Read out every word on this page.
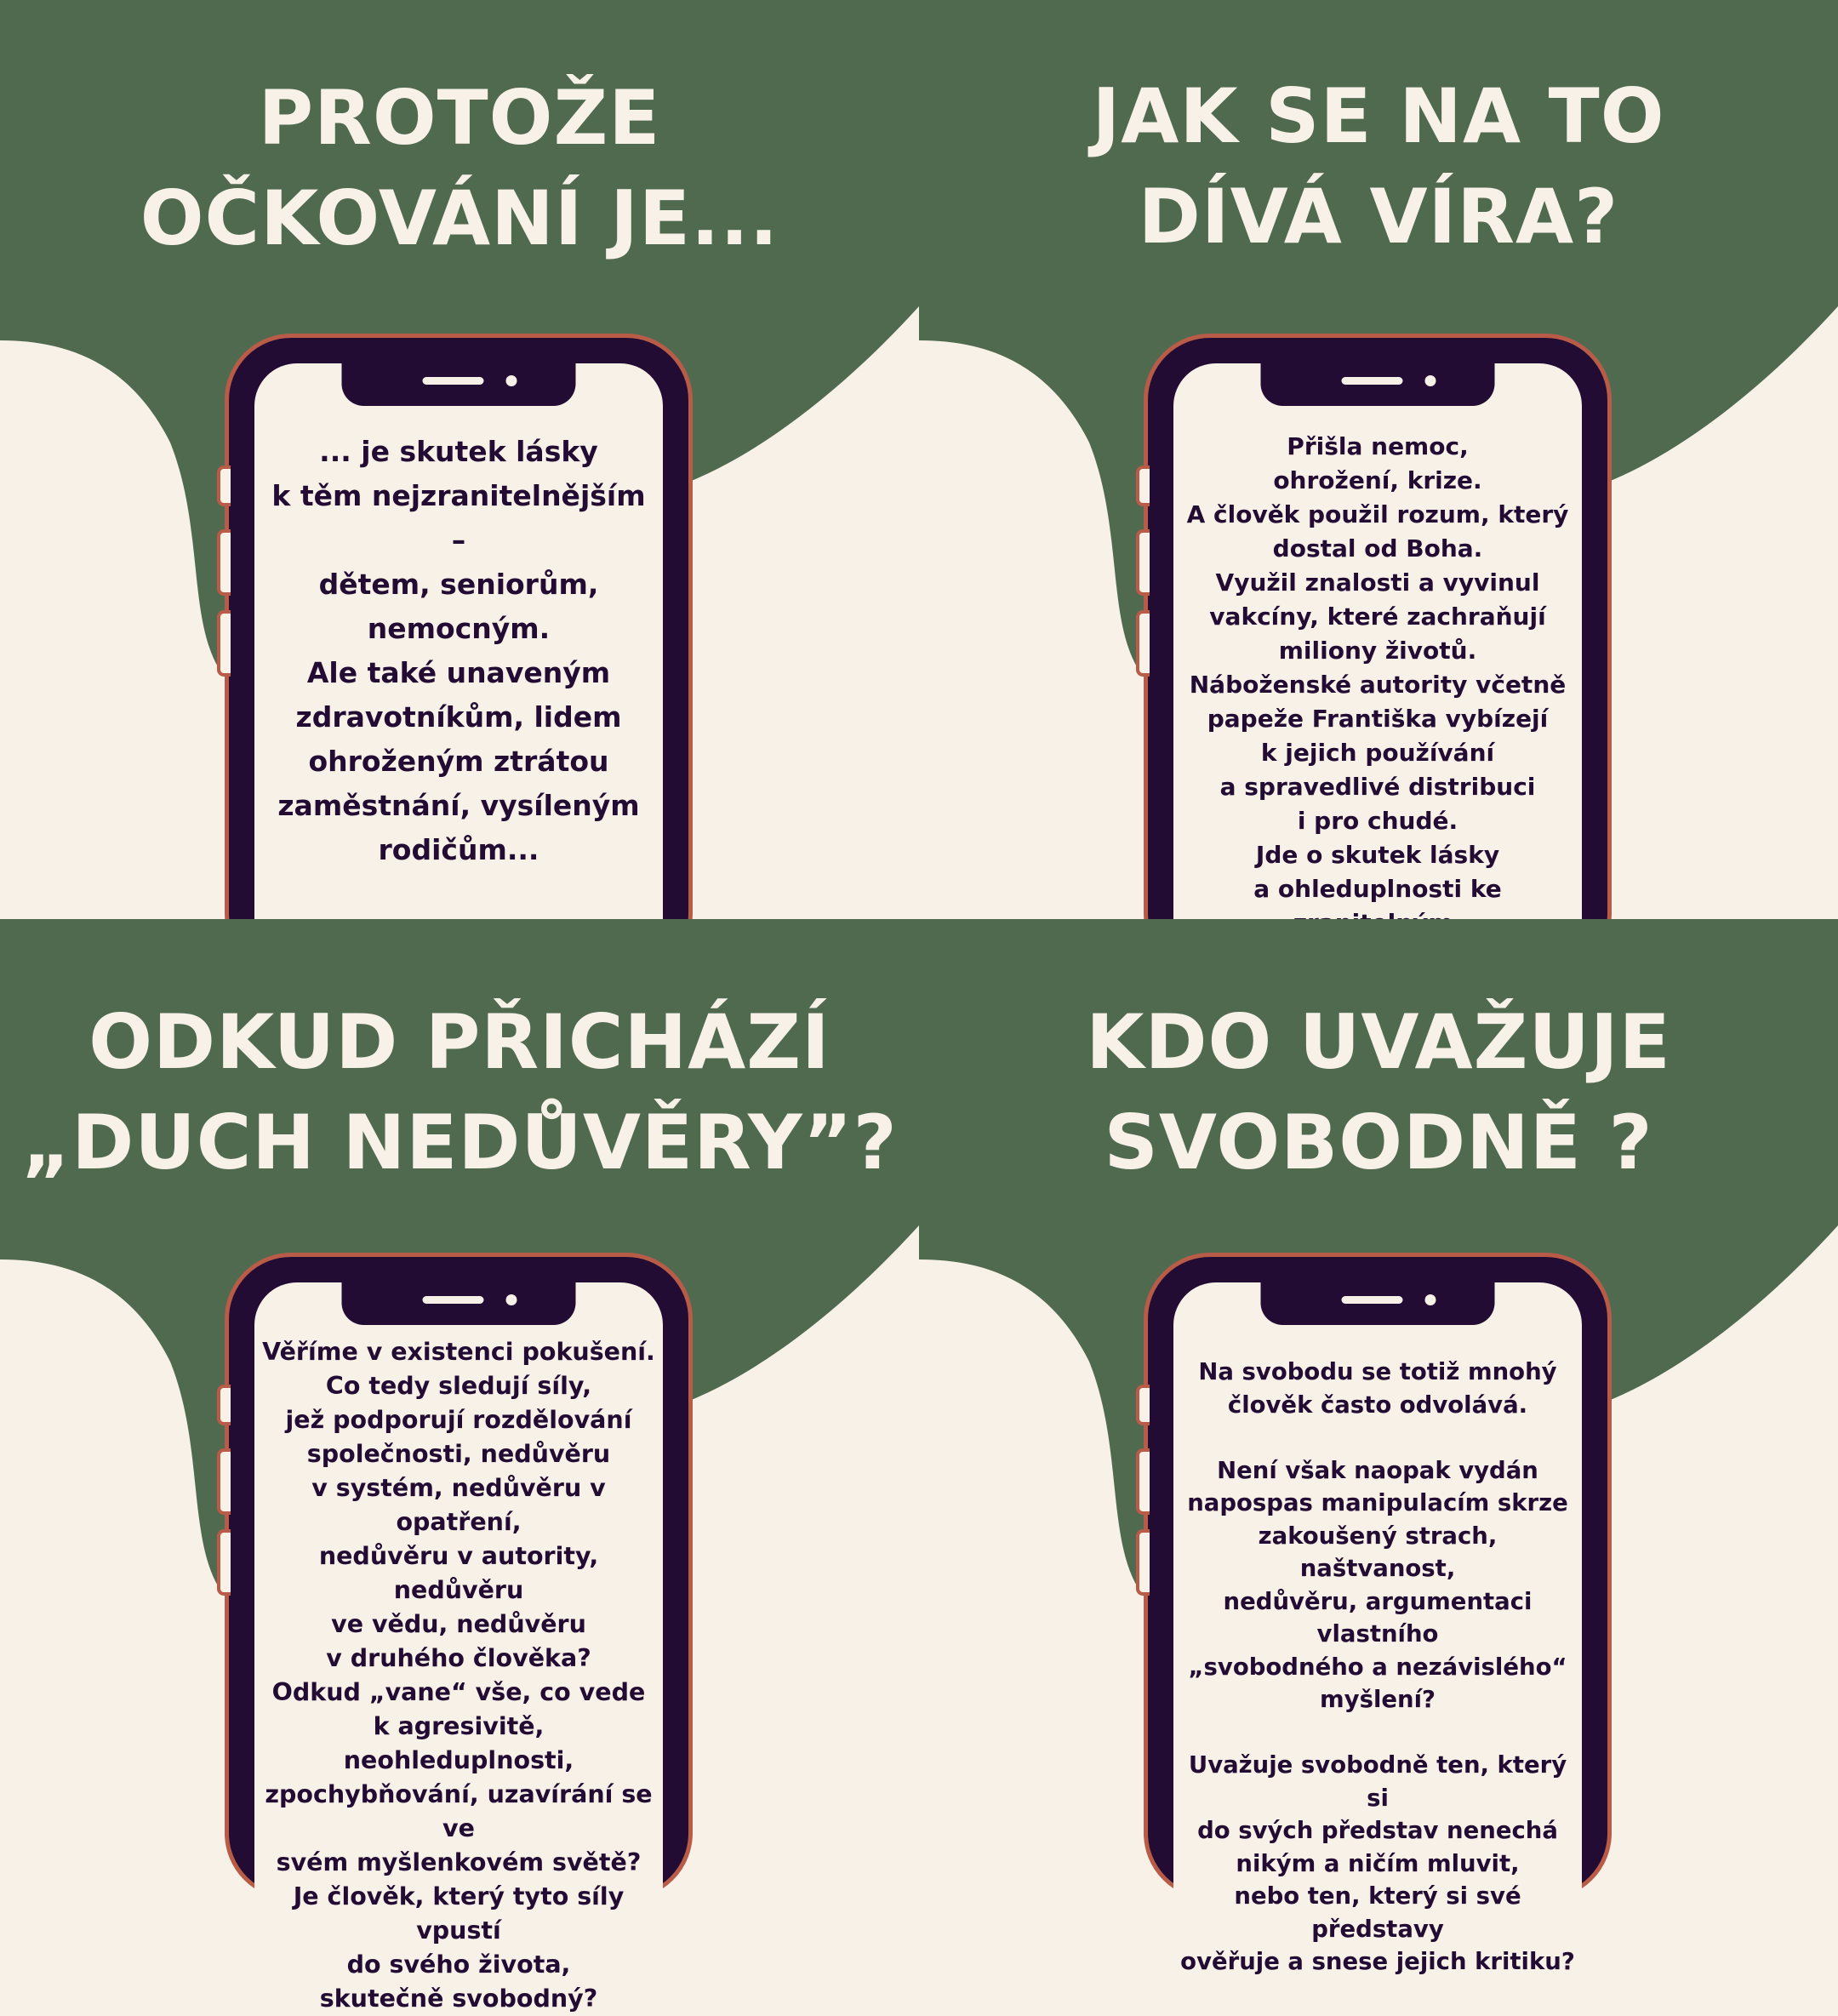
PROTOŽE
OČKOVÁNÍ JE...
... je skutek lásky
k těm nejzranitelnějším –
dětem, seniorům,
nemocným.
Ale také unaveným
zdravotníkům, lidem
ohroženým ztrátou
zaměstnání, vysíleným
rodičům...

JAK SE NA TO
DÍVÁ VÍRA?
Přišla nemoc,
ohrožení, krize.
A člověk použil rozum, který
dostal od Boha.
Využil znalosti a vyvinul
vakcíny, které zachraňují
miliony životů.
Náboženské autority včetně
papeže Františka vybízejí
k jejich používání
a spravedlivé distribuci
i pro chudé.
Jde o skutek lásky
a ohleduplnosti ke
ODKUD PŘICHÁZÍ
„DUCH NEDŮVĚRY”?
Věříme v existenci pokušení.
Co tedy sledují síly,
jež podporují rozdělování
společnosti, nedůvěru
v systém, nedůvěru v opatření,
nedůvěru v autority, nedůvěru
ve vědu, nedůvěru
v druhého člověka?
Odkud „vane“ vše, co vede
k agresivitě, neohleduplnosti,
zpochybňování, uzavírání se ve
svém myšlenkovém světě?
Je člověk, který tyto síly vpustí
do svého života,
skutečně svobodný?
KDO UVAŽUJE
SVOBODNĚ ?
Na svobodu se totiž mnohý
člověk často odvolává.

Není však naopak vydán
napospas manipulacím skrze
zakoušený strach, naštvanost,
nedůvěru, argumentaci vlastního
„svobodného a nezávislého“
myšlení?

Uvažuje svobodně ten, který si
do svých představ nenechá
nikým a ničím mluvit,
nebo ten, který si své představy
ověřuje a snese jejich kritiku?
